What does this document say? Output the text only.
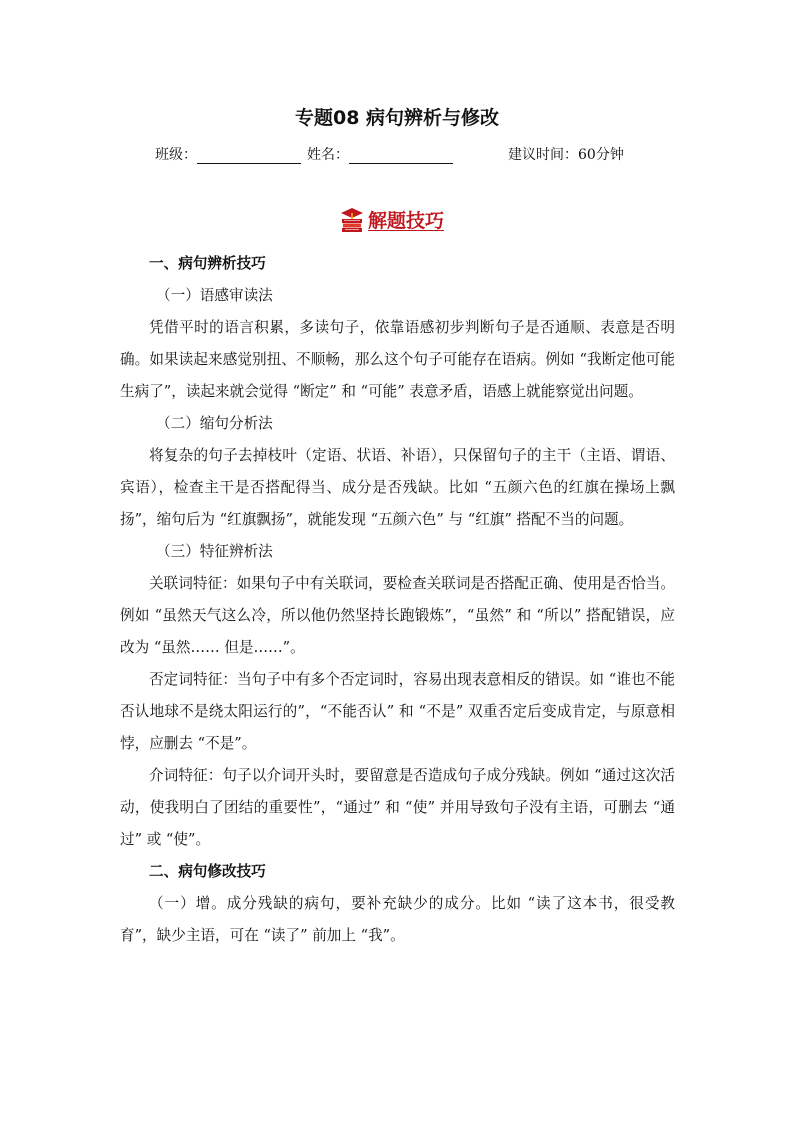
专题08 病句辨析与修改
班级：	姓名：	建议时间：60分钟
解题技巧

一、病句辨析技巧

（一）语感审读法

凭借平时的语言积累，多读句子，依靠语感初步判断句子是否通顺、表意是否明确。如果读起来感觉别扭、不顺畅，那么这个句子可能存在语病。例如 “我断定他可能生病了”，读起来就会觉得 “断定” 和 “可能” 表意矛盾，语感上就能察觉出问题。

（二）缩句分析法

将复杂的句子去掉枝叶（定语、状语、补语），只保留句子的主干（主语、谓语、宾语），检查主干是否搭配得当、成分是否残缺。比如 “五颜六色的红旗在操场上飘扬”，缩句后为 “红旗飘扬”，就能发现 “五颜六色” 与 “红旗” 搭配不当的问题。

（三）特征辨析法

关联词特征：如果句子中有关联词，要检查关联词是否搭配正确、使用是否恰当。例如 “虽然天气这么冷，所以他仍然坚持长跑锻炼”，“虽然” 和 “所以” 搭配错误，应改为 “虽然…… 但是……”。

否定词特征：当句子中有多个否定词时，容易出现表意相反的错误。如 “谁也不能否认地球不是绕太阳运行的”，“不能否认” 和 “不是” 双重否定后变成肯定，与原意相悖，应删去 “不是”。

介词特征：句子以介词开头时，要留意是否造成句子成分残缺。例如 “通过这次活动，使我明白了团结的重要性”，“通过” 和 “使” 并用导致句子没有主语，可删去 “通过” 或 “使”。

二、病句修改技巧

（一）增。成分残缺的病句，要补充缺少的成分。比如 “读了这本书，很受教育”，缺少主语，可在 “读了” 前加上 “我”。
